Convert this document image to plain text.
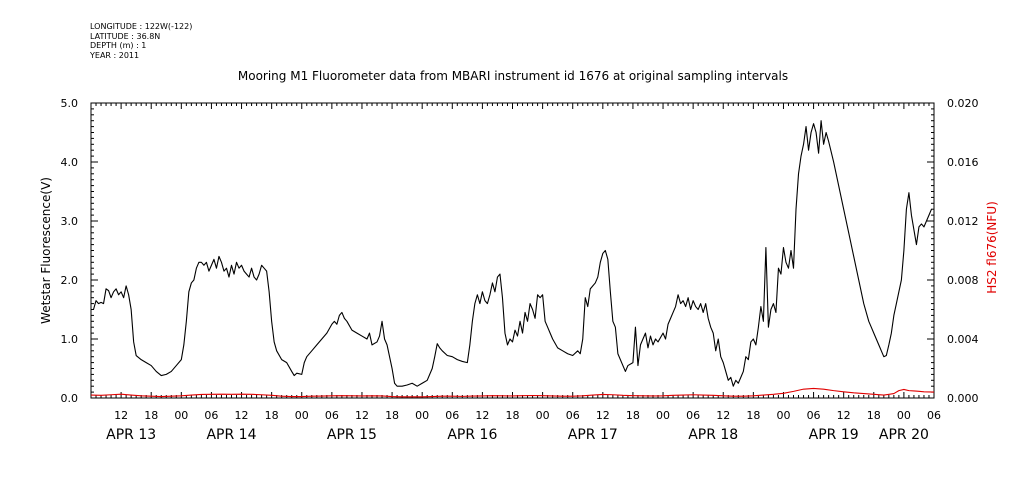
LONGITUDE : 122W(-122)
LATITUDE : 36.8N
DEPTH (m) : 1
YEAR : 2011
Mooring M1 Fluorometer data from MBARI instrument id 1676 at original sampling intervals
12 18 00 06 12 18 00 06 12 18 00 06 12 18 00 06 12 18 00 06 12 18 00 06 12 18 00 06
APR 13	APR 14	APR 15	APR 16	APR 17	APR 18	APR 19 APR 20
0.0
1.0
2.0
3.0
4.0
5.0
0.000
0.004
0.008
0.012
0.016
0.020
Wetstar Fluorescence(V)	HS2 fl676(NFU)
